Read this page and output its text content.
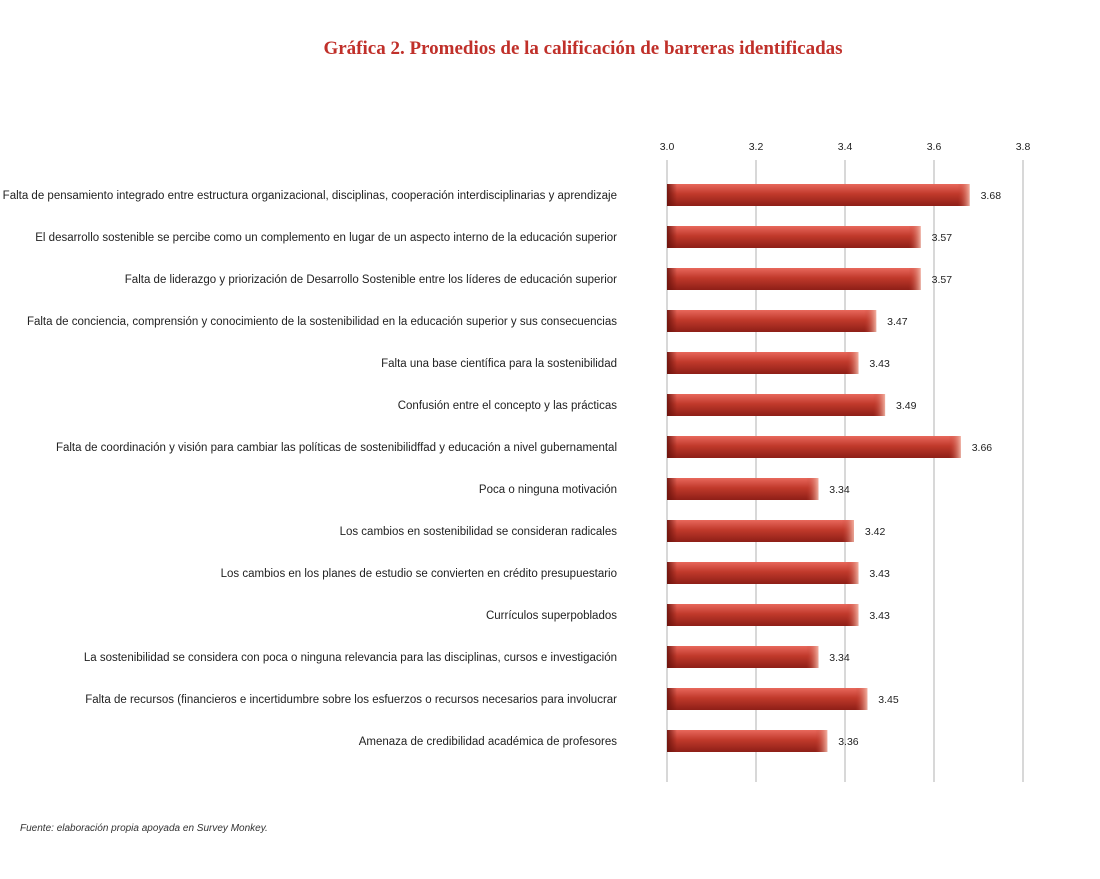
Gráfica 2. Promedios de la calificación de barreras identificadas
3.0	3.2	3.4	3.6	3.8
Falta de pensamiento integrado entre estructura organizacional, disciplinas, cooperación interdisciplinarias y aprendizaje	3.68
El desarrollo sostenible se percibe como un complemento en lugar de un aspecto interno de la educación superior	3.57
Falta de liderazgo y priorización de Desarrollo Sostenible entre los líderes de educación superior	3.57
Falta de conciencia, comprensión y conocimiento de la sostenibilidad en la educación superior y sus consecuencias	3.47
Falta una base científica para la sostenibilidad	3.43
Confusión entre el concepto y las prácticas	3.49
Falta de coordinación y visión para cambiar las políticas de sostenibilidffad y educación a nivel gubernamental	3.66
Poca o ninguna motivación	3.34
Los cambios en sostenibilidad se consideran radicales	3.42
Los cambios en los planes de estudio se convierten en crédito presupuestario	3.43
Currículos superpoblados	3.43
La sostenibilidad se considera con poca o ninguna relevancia para las disciplinas, cursos e investigación	3.34
Falta de recursos (financieros e incertidumbre sobre los esfuerzos o recursos necesarios para involucrar	3.45
Amenaza de credibilidad académica de profesores	3.36
Fuente: elaboración propia apoyada en Survey Monkey.
